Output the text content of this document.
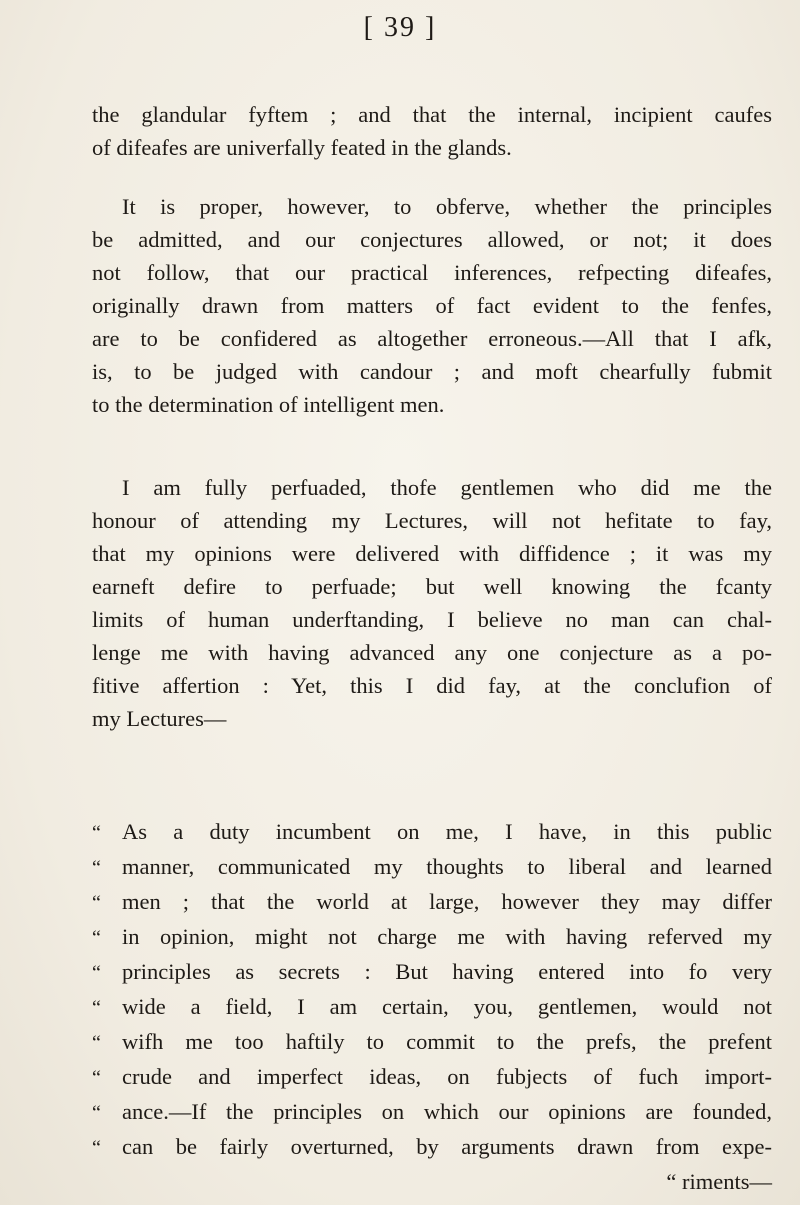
[ 39 ]
the glandular fyftem ; and that the internal, incipient caufes
of difeafes are univerfally feated in the glands.
It is proper, however, to obferve, whether the principles
be admitted, and our conjectures allowed, or not; it does
not follow, that our practical inferences, refpecting difeafes,
originally drawn from matters of fact evident to the fenfes,
are to be confidered as altogether erroneous.—All that I afk,
is, to be judged with candour ; and moft chearfully fubmit
to the determination of intelligent men.
I am fully perfuaded, thofe gentlemen who did me the
honour of attending my Lectures, will not hefitate to fay,
that my opinions were delivered with diffidence ; it was my
earneft defire to perfuade; but well knowing the fcanty
limits of human underftanding, I believe no man can chal-
lenge me with having advanced any one conjecture as a po-
fitive affertion : Yet, this I did fay, at the conclufion of
my Lectures—
“ As a duty incumbent on me, I have, in this public
“ manner, communicated my thoughts to liberal and learned
“ men ; that the world at large, however they may differ
“ in opinion, might not charge me with having referved my
“ principles as secrets : But having entered into fo very
“ wide a field, I am certain, you, gentlemen, would not
“ wifh me too haftily to commit to the prefs, the prefent
“ crude and imperfect ideas, on fubjects of fuch import-
“ ance.—If the principles on which our opinions are founded,
“ can be fairly overturned, by arguments drawn from expe-
“ riments—
